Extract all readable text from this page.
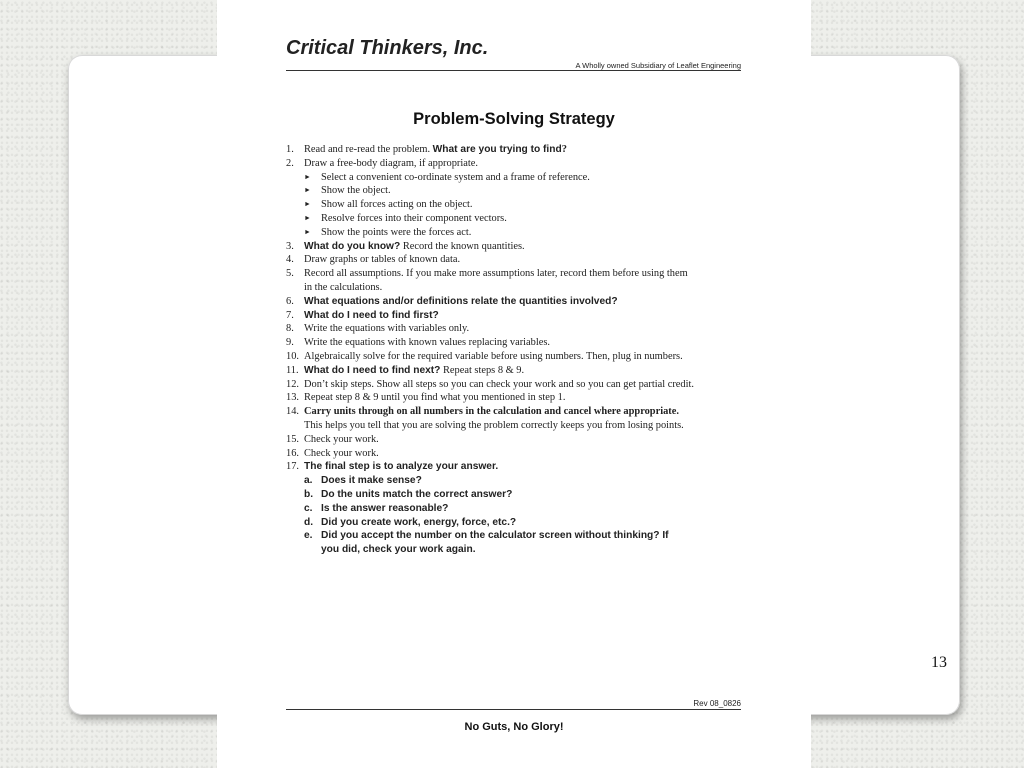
Critical Thinkers, Inc.
A Wholly owned Subsidiary of Leaflet Engineering
Problem-Solving Strategy
1. Read and re-read the problem. What are you trying to find?
2. Draw a free-body diagram, if appropriate.
► Select a convenient co-ordinate system and a frame of reference.
► Show the object.
► Show all forces acting on the object.
► Resolve forces into their component vectors.
► Show the points were the forces act.
3.	What do you know? Record the known quantities.
4. Draw graphs or tables of known data.
5. Record all assumptions. If you make more assumptions later, record them before using them
in the calculations.
6.	What equations and/or definitions relate the quantities involved?
7.	What do I need to find first?
8. Write the equations with variables only.
9. Write the equations with known values replacing variables.
10. Algebraically solve for the required variable before using numbers. Then, plug in numbers.
11. What do I need to find next? Repeat steps 8 & 9.
12. Don’t skip steps. Show all steps so you can check your work and so you can get partial credit.
13. Repeat step 8 & 9 until you find what you mentioned in step 1.
14. Carry units through on all numbers in the calculation and cancel where appropriate.
This helps you tell that you are solving the problem correctly keeps you from losing points.
15. Check your work.
16. Check your work.
17. The final step is to analyze your answer.
a. Does it make sense?
b. Do the units match the correct answer?
c. Is the answer reasonable?
d. Did you create work, energy, force, etc.?
e. Did you accept the number on the calculator screen without thinking? If
you did, check your work again.
Rev 08_0826
No Guts, No Glory!
13
